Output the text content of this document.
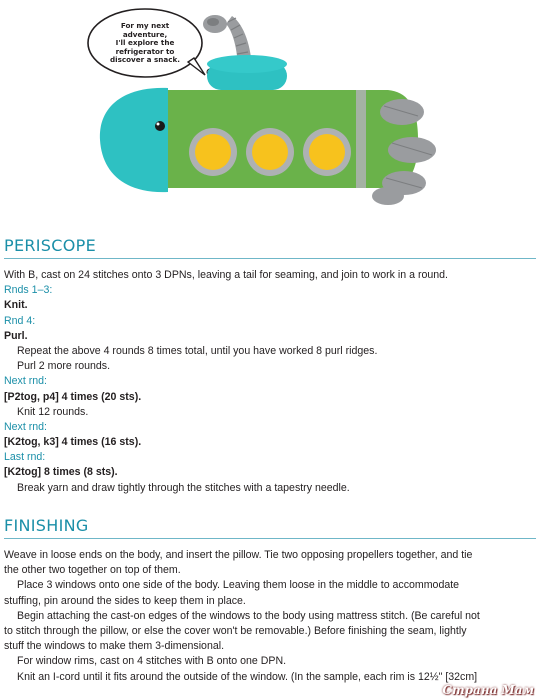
For my next adventure,
I'll explore the
refrigerator to
discover a snack.
PERISCOPE
With B, cast on 24 stitches onto 3 DPNs, leaving a tail for seaming, and join to work in a round.
Rnds 1–3:
Knit.
Rnd 4:
Purl.
Repeat the above 4 rounds 8 times total, until you have worked 8 purl ridges.
Purl 2 more rounds.
Next rnd:
[P2tog, p4] 4 times (20 sts).
Knit 12 rounds.
Next rnd:
[K2tog, k3] 4 times (16 sts).
Last rnd:
[K2tog] 8 times (8 sts).
Break yarn and draw tightly through the stitches with a tapestry needle.
FINISHING
Weave in loose ends on the body, and insert the pillow. Tie two opposing propellers together, and tie
the other two together on top of them.
Place 3 windows onto one side of the body. Leaving them loose in the middle to accommodate
stuffing, pin around the sides to keep them in place.
Begin attaching the cast-on edges of the windows to the body using mattress stitch. (Be careful not
to stitch through the pillow, or else the cover won't be removable.) Before finishing the seam, lightly
stuff the windows to make them 3-dimensional.
For window rims, cast on 4 stitches with B onto one DPN.
Knit an I-cord until it fits around the outside of the window. (In the sample, each rim is 12½" [32cm]
Страна Мам
